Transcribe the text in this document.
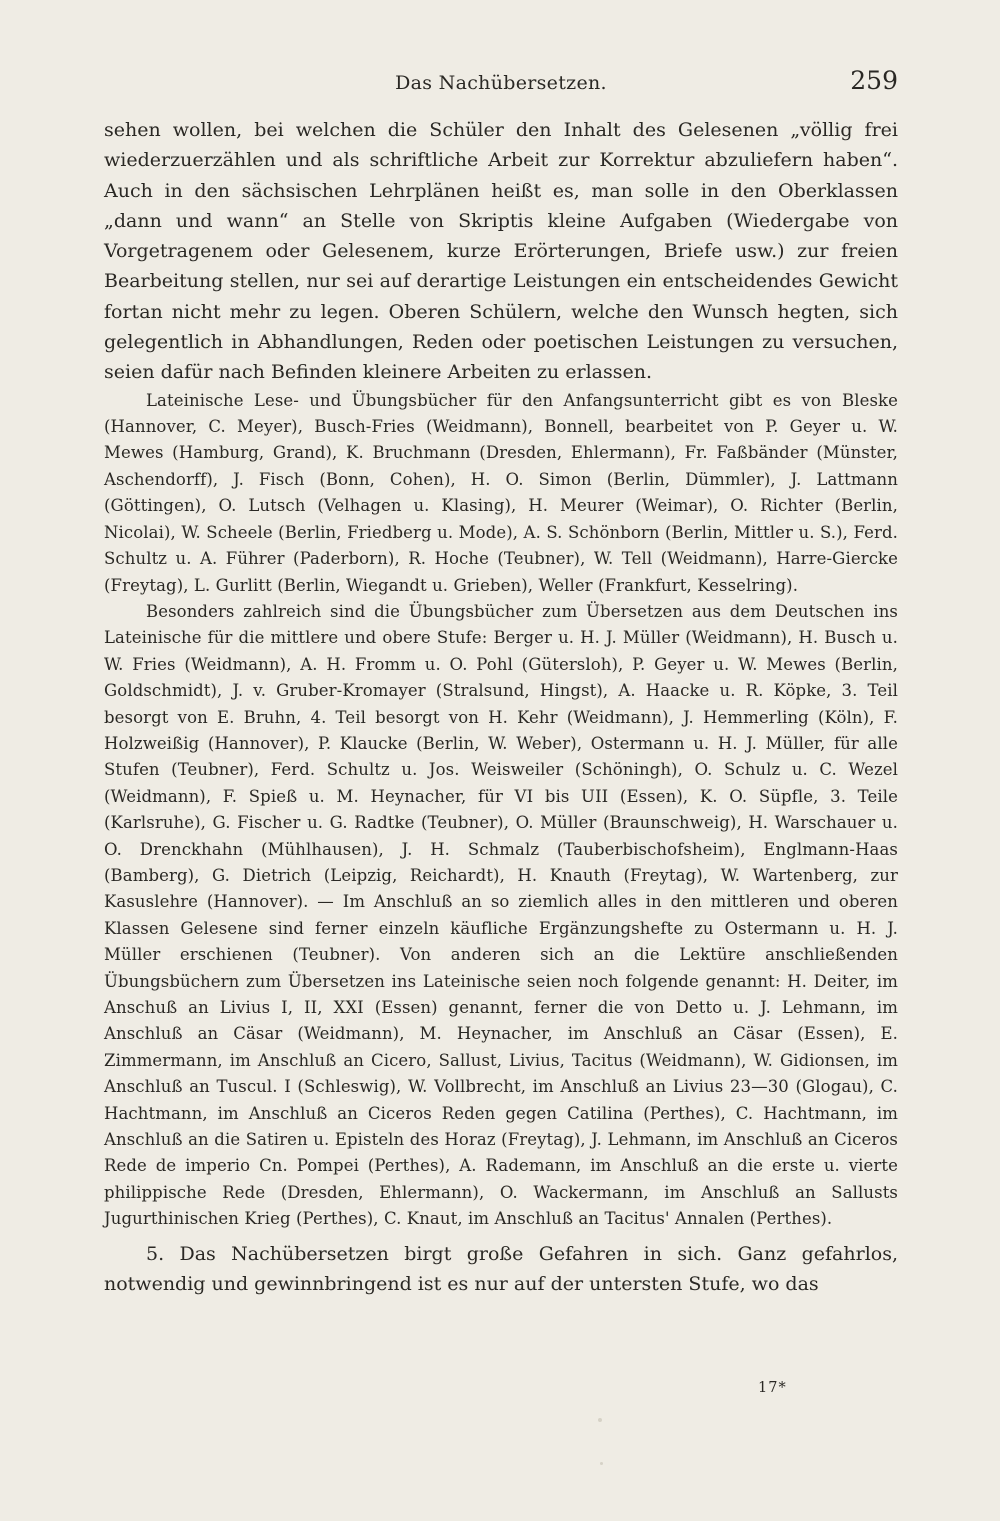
Das Nachübersetzen.	259

sehen wollen, bei welchen die Schüler den Inhalt des Gelesenen „völlig frei wiederzuerzählen und als schriftliche Arbeit zur Korrektur abzuliefern haben“. Auch in den sächsischen Lehrplänen heißt es, man solle in den Oberklassen „dann und wann“ an Stelle von Skriptis kleine Aufgaben (Wiedergabe von Vorgetragenem oder Gelesenem, kurze Erörterungen, Briefe usw.) zur freien Bearbeitung stellen, nur sei auf derartige Leistungen ein entscheidendes Gewicht fortan nicht mehr zu legen. Oberen Schülern, welche den Wunsch hegten, sich gelegentlich in Abhandlungen, Reden oder poetischen Leistungen zu versuchen, seien dafür nach Befinden kleinere Arbeiten zu erlassen.

Lateinische Lese- und Übungsbücher für den Anfangsunterricht gibt es von Bleske (Hannover, C. Meyer), Busch-Fries (Weidmann), Bonnell, bearbeitet von P. Geyer u. W. Mewes (Hamburg, Grand), K. Bruchmann (Dresden, Ehlermann), Fr. Faßbänder (Münster, Aschendorff), J. Fisch (Bonn, Cohen), H. O. Simon (Berlin, Dümmler), J. Lattmann (Göttingen), O. Lutsch (Velhagen u. Klasing), H. Meurer (Weimar), O. Richter (Berlin, Nicolai), W. Scheele (Berlin, Friedberg u. Mode), A. S. Schönborn (Berlin, Mittler u. S.), Ferd. Schultz u. A. Führer (Paderborn), R. Hoche (Teubner), W. Tell (Weidmann), Harre-Giercke (Freytag), L. Gurlitt (Berlin, Wiegandt u. Grieben), Weller (Frankfurt, Kesselring).

Besonders zahlreich sind die Übungsbücher zum Übersetzen aus dem Deutschen ins Lateinische für die mittlere und obere Stufe: Berger u. H. J. Müller (Weidmann), H. Busch u. W. Fries (Weidmann), A. H. Fromm u. O. Pohl (Gütersloh), P. Geyer u. W. Mewes (Berlin, Goldschmidt), J. v. Gruber-Kromayer (Stralsund, Hingst), A. Haacke u. R. Köpke, 3. Teil besorgt von E. Bruhn, 4. Teil besorgt von H. Kehr (Weidmann), J. Hemmerling (Köln), F. Holzweißig (Hannover), P. Klaucke (Berlin, W. Weber), Ostermann u. H. J. Müller, für alle Stufen (Teubner), Ferd. Schultz u. Jos. Weisweiler (Schöningh), O. Schulz u. C. Wezel (Weidmann), F. Spieß u. M. Heynacher, für VI bis UII (Essen), K. O. Süpfle, 3. Teile (Karlsruhe), G. Fischer u. G. Radtke (Teubner), O. Müller (Braunschweig), H. Warschauer u. O. Drenckhahn (Mühlhausen), J. H. Schmalz (Tauberbischofsheim), Englmann-Haas (Bamberg), G. Dietrich (Leipzig, Reichardt), H. Knauth (Freytag), W. Wartenberg, zur Kasuslehre (Hannover). — Im Anschluß an so ziemlich alles in den mittleren und oberen Klassen Gelesene sind ferner einzeln käufliche Ergänzungshefte zu Ostermann u. H. J. Müller erschienen (Teubner). Von anderen sich an die Lektüre anschließenden Übungsbüchern zum Übersetzen ins Lateinische seien noch folgende genannt: H. Deiter, im Anschuß an Livius I, II, XXI (Essen) genannt, ferner die von Detto u. J. Lehmann, im Anschluß an Cäsar (Weidmann), M. Heynacher, im Anschluß an Cäsar (Essen), E. Zimmermann, im Anschluß an Cicero, Sallust, Livius, Tacitus (Weidmann), W. Gidionsen, im Anschluß an Tuscul. I (Schleswig), W. Vollbrecht, im Anschluß an Livius 23—30 (Glogau), C. Hachtmann, im Anschluß an Ciceros Reden gegen Catilina (Perthes), C. Hachtmann, im Anschluß an die Satiren u. Episteln des Horaz (Freytag), J. Lehmann, im Anschluß an Ciceros Rede de imperio Cn. Pompei (Perthes), A. Rademann, im Anschluß an die erste u. vierte philippische Rede (Dresden, Ehlermann), O. Wackermann, im Anschluß an Sallusts Jugurthinischen Krieg (Perthes), C. Knaut, im Anschluß an Tacitus' Annalen (Perthes).

5. Das Nachübersetzen birgt große Gefahren in sich. Ganz gefahrlos, notwendig und gewinnbringend ist es nur auf der untersten Stufe, wo das

17*
